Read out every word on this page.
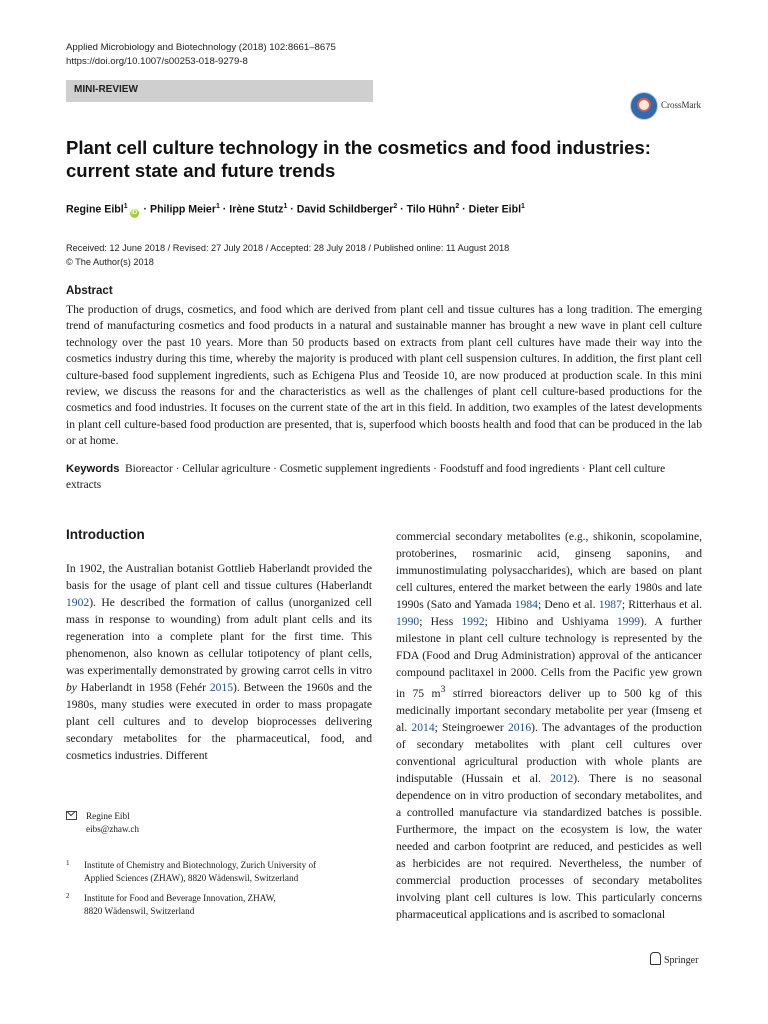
Applied Microbiology and Biotechnology (2018) 102:8661–8675
https://doi.org/10.1007/s00253-018-9279-8
MINI-REVIEW
CrossMark
Plant cell culture technology in the cosmetics and food industries: current state and future trends
Regine Eibl$^1$iD · Philipp Meier$^1$ · Irène Stutz$^1$ · David Schildberger$^2$ · Tilo Hühn$^2$ · Dieter Eibl$^1$
Received: 12 June 2018 / Revised: 27 July 2018 / Accepted: 28 July 2018 / Published online: 11 August 2018
© The Author(s) 2018
Abstract

The production of drugs, cosmetics, and food which are derived from plant cell and tissue cultures has a long tradition. The emerging trend of manufacturing cosmetics and food products in a natural and sustainable manner has brought a new wave in plant cell culture technology over the past 10 years. More than 50 products based on extracts from plant cell cultures have made their way into the cosmetics industry during this time, whereby the majority is produced with plant cell suspension cultures. In addition, the first plant cell culture-based food supplement ingredients, such as Echigena Plus and Teoside 10, are now produced at production scale. In this mini review, we discuss the reasons for and the characteristics as well as the challenges of plant cell culture-based productions for the cosmetics and food industries. It focuses on the current state of the art in this field. In addition, two examples of the latest developments in plant cell culture-based food production are presented, that is, superfood which boosts health and food that can be produced in the lab or at home.

Keywords Bioreactor · Cellular agriculture · Cosmetic supplement ingredients · Foodstuff and food ingredients · Plant cell culture extracts

Introduction

In 1902, the Australian botanist Gottlieb Haberlandt provided the basis for the usage of plant cell and tissue cultures (Haberlandt 1902). He described the formation of callus (unorganized cell mass in response to wounding) from adult plant cells and its regeneration into a complete plant for the first time. This phenomenon, also known as cellular totipotency of plant cells, was experimentally demonstrated by growing carrot cells in vitro by Haberlandt in 1958 (Fehér 2015). Between the 1960s and the 1980s, many studies were executed in order to mass propagate plant cell cultures and to develop bioprocesses delivering secondary metabolites for the pharmaceutical, food, and cosmetics industries. Different

commercial secondary metabolites (e.g., shikonin, scopolamine, protoberines, rosmarinic acid, ginseng saponins, and immunostimulating polysaccharides), which are based on plant cell cultures, entered the market between the early 1980s and late 1990s (Sato and Yamada 1984; Deno et al. 1987; Ritterhaus et al. 1990; Hess 1992; Hibino and Ushiyama 1999). A further milestone in plant cell culture technology is represented by the FDA (Food and Drug Administration) approval of the anticancer compound paclitaxel in 2000. Cells from the Pacific yew grown in 75 $m^3$ stirred bioreactors deliver up to 500 kg of this medicinally important secondary metabolite per year (Imseng et al. 2014; Steingroewer 2016). The advantages of the production of secondary metabolites with plant cell cultures over conventional agricultural production with whole plants are indisputable (Hussain et al. 2012). There is no seasonal dependence on in vitro production of secondary metabolites, and a controlled manufacture via standardized batches is possible. Furthermore, the impact on the ecosystem is low, the water needed and carbon footprint are reduced, and pesticides as well as herbicides are not required. Nevertheless, the number of commercial production processes of secondary metabolites involving plant cell cultures is low. This particularly concerns pharmaceutical applications and is ascribed to somaclonal

Regine Eibl
eibs@zhaw.ch
1 Institute of Chemistry and Biotechnology, Zurich University of
Applied Sciences (ZHAW), 8820 Wädenswil, Switzerland
2 Institute for Food and Beverage Innovation, ZHAW,
8820 Wädenswil, Switzerland
Springer
